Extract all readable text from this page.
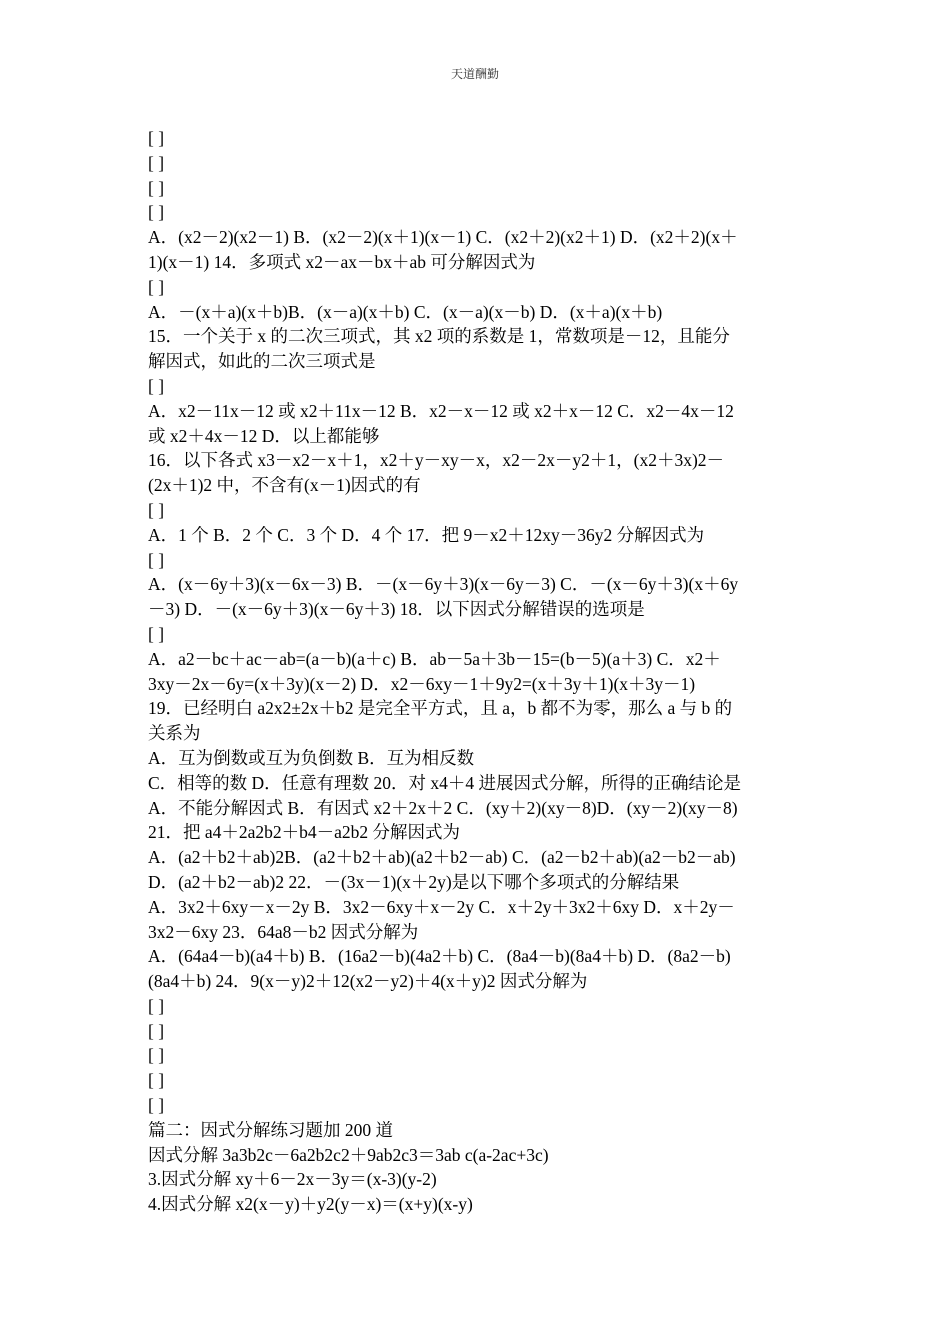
天道酬勤
[ ]
[ ]
[ ]
[ ]
A．(x2－2)(x2－1) B．(x2－2)(x＋1)(x－1) C．(x2＋2)(x2＋1) D．(x2＋2)(x＋
1)(x－1) 14．多项式 x2－ax－bx＋ab 可分解因式为
[ ]
A．－(x＋a)(x＋b)B．(x－a)(x＋b) C．(x－a)(x－b) D．(x＋a)(x＋b)
15．一个关于 x 的二次三项式，其 x2 项的系数是 1，常数项是－12，且能分
解因式，如此的二次三项式是
[ ]
A．x2－11x－12 或 x2＋11x－12 B．x2－x－12 或 x2＋x－12 C．x2－4x－12
或 x2＋4x－12 D．以上都能够
16．以下各式 x3－x2－x＋1，x2＋y－xy－x，x2－2x－y2＋1，(x2＋3x)2－
(2x＋1)2 中，不含有(x－1)因式的有
[ ]
A．1 个 B．2 个 C．3 个 D．4 个 17．把 9－x2＋12xy－36y2 分解因式为
[ ]
A．(x－6y＋3)(x－6x－3) B．－(x－6y＋3)(x－6y－3) C．－(x－6y＋3)(x＋6y
－3) D．－(x－6y＋3)(x－6y＋3) 18．以下因式分解错误的选项是
[ ]
A．a2－bc＋ac－ab=(a－b)(a＋c) B．ab－5a＋3b－15=(b－5)(a＋3) C．x2＋
3xy－2x－6y=(x＋3y)(x－2) D．x2－6xy－1＋9y2=(x＋3y＋1)(x＋3y－1)
19．已经明白 a2x2±2x＋b2 是完全平方式，且 a，b 都不为零，那么 a 与 b 的
关系为
A．互为倒数或互为负倒数 B．互为相反数
C．相等的数 D．任意有理数 20．对 x4＋4 进展因式分解，所得的正确结论是
A．不能分解因式 B．有因式 x2＋2x＋2 C．(xy＋2)(xy－8)D．(xy－2)(xy－8)
21．把 a4＋2a2b2＋b4－a2b2 分解因式为
A．(a2＋b2＋ab)2B．(a2＋b2＋ab)(a2＋b2－ab) C．(a2－b2＋ab)(a2－b2－ab)
D．(a2＋b2－ab)2 22．－(3x－1)(x＋2y)是以下哪个多项式的分解结果
A．3x2＋6xy－x－2y B．3x2－6xy＋x－2y C．x＋2y＋3x2＋6xy D．x＋2y－
3x2－6xy 23．64a8－b2 因式分解为
A．(64a4－b)(a4＋b) B．(16a2－b)(4a2＋b) C．(8a4－b)(8a4＋b) D．(8a2－b)
(8a4＋b) 24．9(x－y)2＋12(x2－y2)＋4(x＋y)2 因式分解为
[ ]
[ ]
[ ]
[ ]
[ ]
篇二：因式分解练习题加 200 道
因式分解 3a3b2c－6a2b2c2＋9ab2c3＝3ab c(a-2ac+3c)
3.因式分解 xy＋6－2x－3y＝(x-3)(y-2)
4.因式分解 x2(x－y)＋y2(y－x)＝(x+y)(x-y)
